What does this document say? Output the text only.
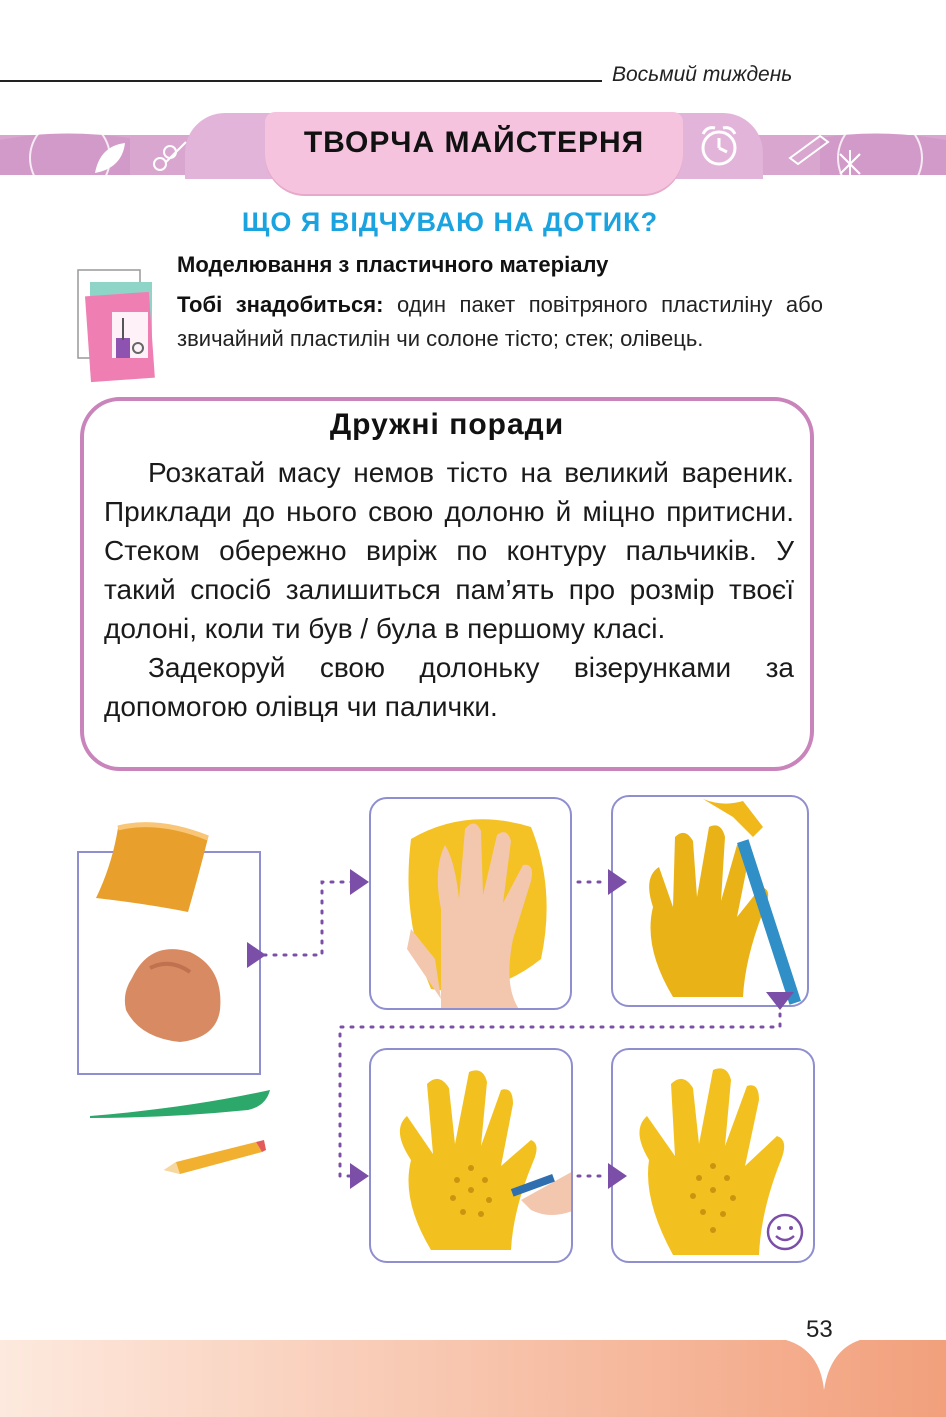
Восьмий тиждень
ТВОРЧА МАЙСТЕРНЯ
ЩО Я ВІДЧУВАЮ НА ДОТИК?
Моделювання з пластичного матеріалу
Тобі знадобиться: один пакет повітряного пластиліну або звичайний пластилін чи солоне тісто; стек; олівець.
Дружні поради

Розкатай масу немов тісто на великий вареник. Приклади до нього свою долоню й міцно притисни. Стеком обережно виріж по контуру пальчиків. У такий спосіб залишиться пам’ять про розмір твоєї долоні, коли ти був / була в першому класі.

Задекоруй свою долоньку візерунками за допомогою олівця чи палички.

53
